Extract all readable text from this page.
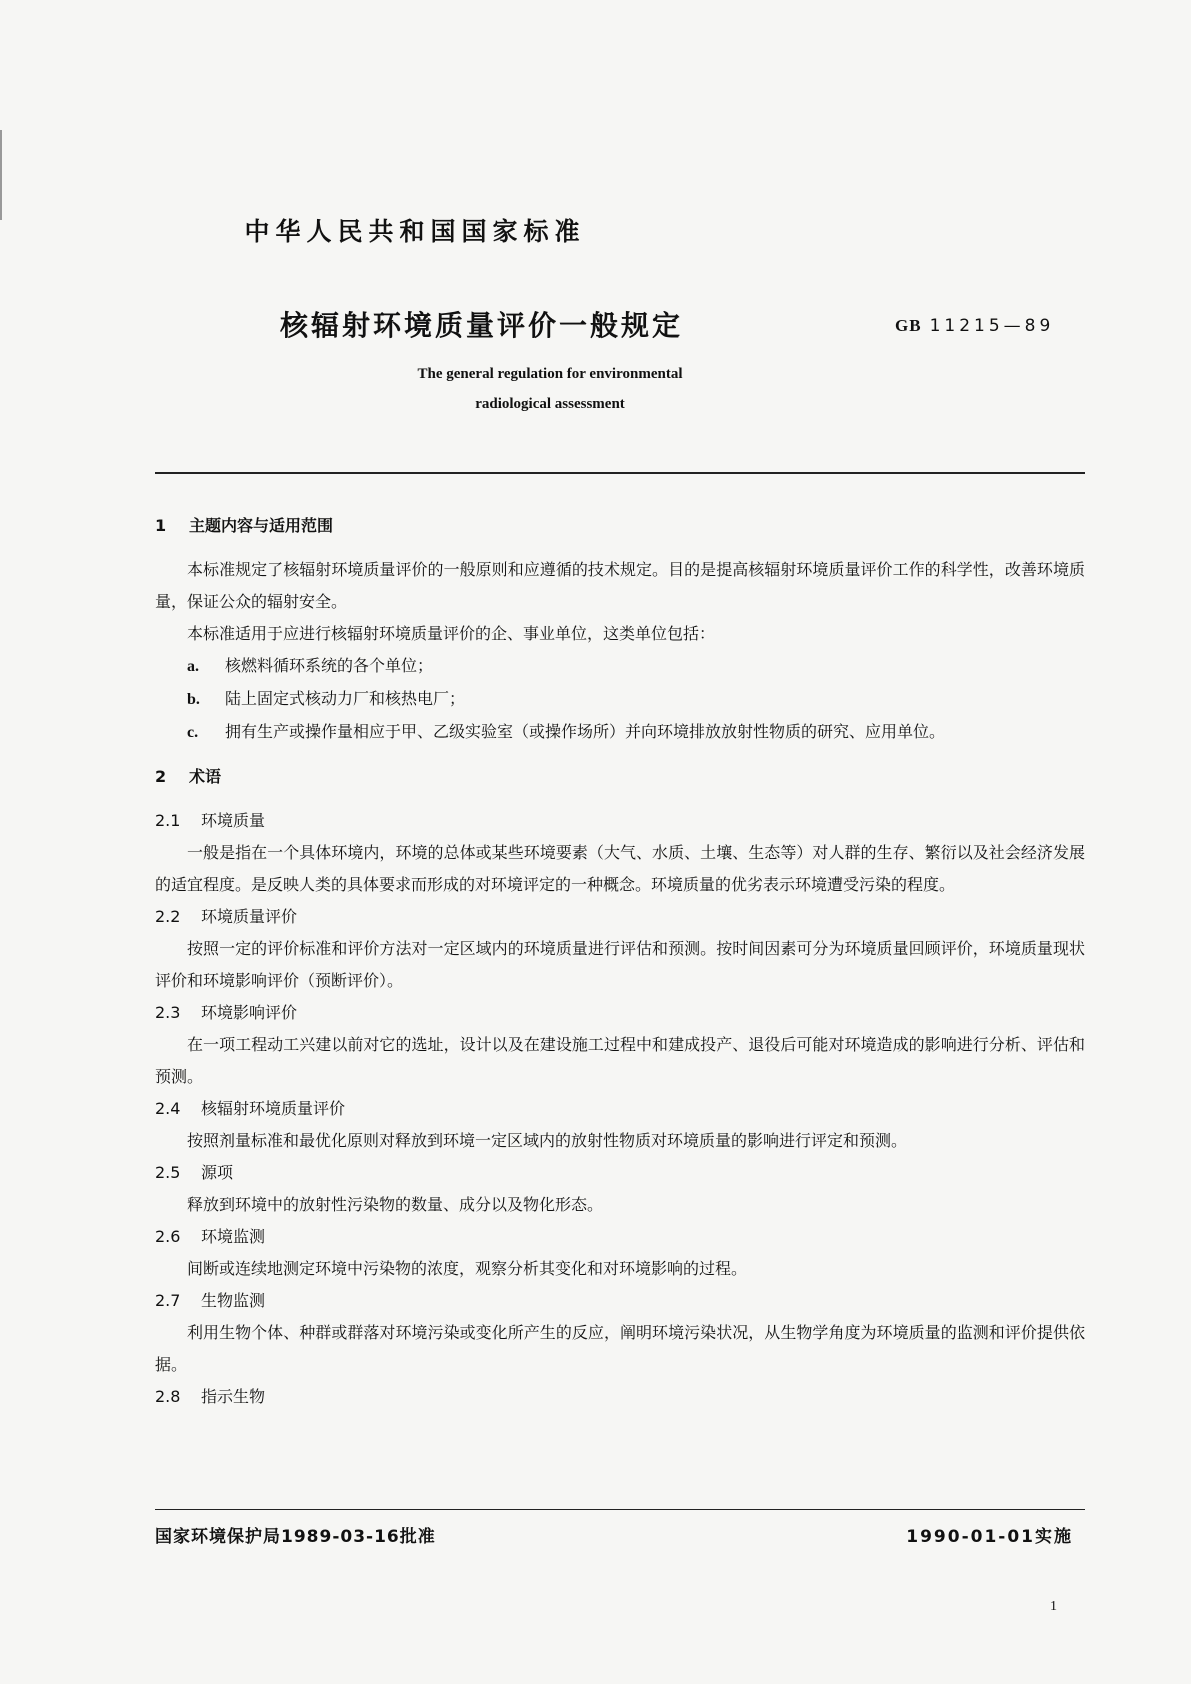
中华人民共和国国家标准
核辐射环境质量评价一般规定	GB 11215—89
The general regulation for environmental
radiological assessment
1 主题内容与适用范围
本标准规定了核辐射环境质量评价的一般原则和应遵循的技术规定。目的是提高核辐射环境质量评价工作的科学性，改善环境质量，保证公众的辐射安全。
本标准适用于应进行核辐射环境质量评价的企、事业单位，这类单位包括：
a. 核燃料循环系统的各个单位；
b. 陆上固定式核动力厂和核热电厂；
c. 拥有生产或操作量相应于甲、乙级实验室（或操作场所）并向环境排放放射性物质的研究、应用单位。
2 术语
2.1 环境质量
一般是指在一个具体环境内，环境的总体或某些环境要素（大气、水质、土壤、生态等）对人群的生存、繁衍以及社会经济发展的适宜程度。是反映人类的具体要求而形成的对环境评定的一种概念。环境质量的优劣表示环境遭受污染的程度。
2.2 环境质量评价
按照一定的评价标准和评价方法对一定区域内的环境质量进行评估和预测。按时间因素可分为环境质量回顾评价，环境质量现状评价和环境影响评价（预断评价）。
2.3 环境影响评价
在一项工程动工兴建以前对它的选址，设计以及在建设施工过程中和建成投产、退役后可能对环境造成的影响进行分析、评估和预测。
2.4 核辐射环境质量评价
按照剂量标准和最优化原则对释放到环境一定区域内的放射性物质对环境质量的影响进行评定和预测。
2.5 源项
释放到环境中的放射性污染物的数量、成分以及物化形态。
2.6 环境监测
间断或连续地测定环境中污染物的浓度，观察分析其变化和对环境影响的过程。
2.7 生物监测
利用生物个体、种群或群落对环境污染或变化所产生的反应，阐明环境污染状况，从生物学角度为环境质量的监测和评价提供依据。
2.8 指示生物
国家环境保护局1989-03-16批准	1990-01-01实施
1
